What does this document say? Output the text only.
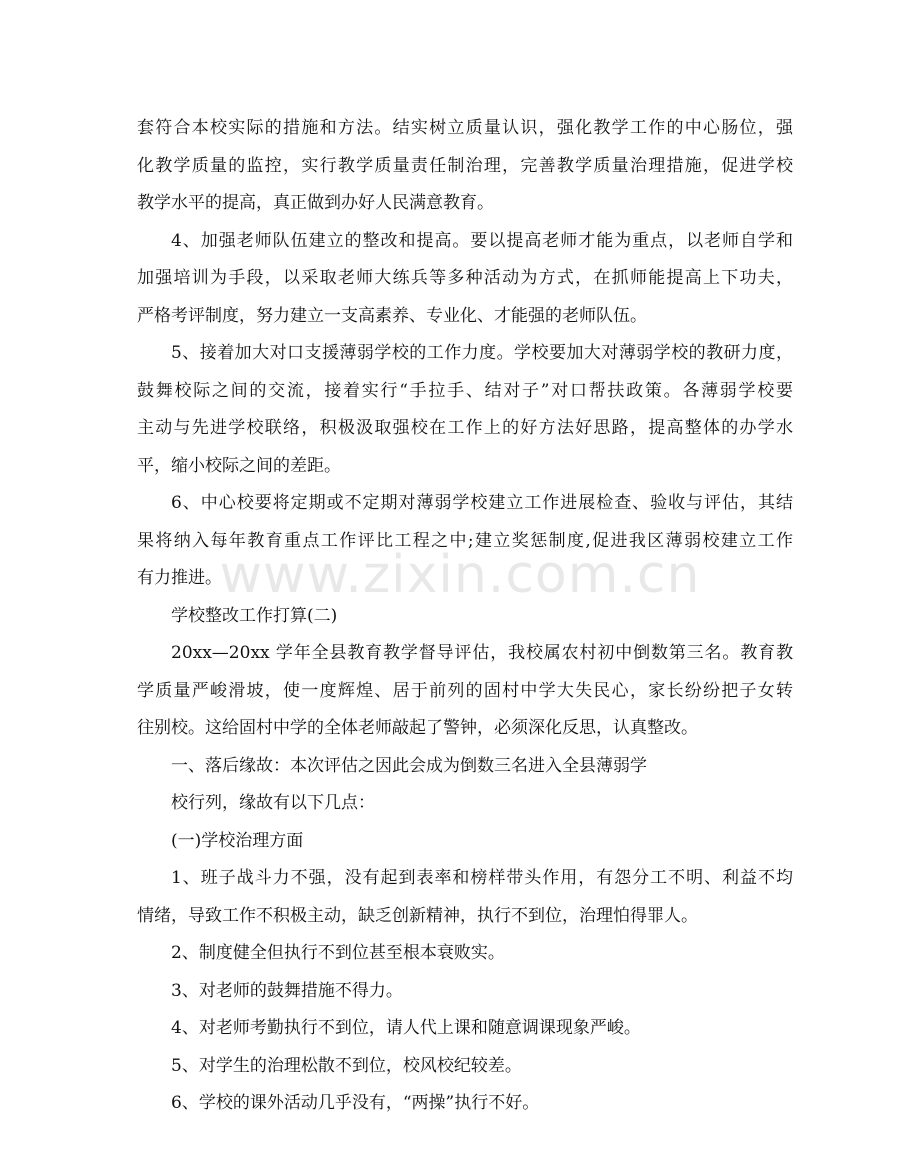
套符合本校实际的措施和方法。结实树立质量认识，强化教学工作的中心肠位，强
化教学质量的监控，实行教学质量责任制治理，完善教学质量治理措施，促进学校
教学水平的提高，真正做到办好人民满意教育。
4、加强老师队伍建立的整改和提高。要以提高老师才能为重点，以老师自学和
加强培训为手段，以采取老师大练兵等多种活动为方式，在抓师能提高上下功夫，
严格考评制度，努力建立一支高素养、专业化、才能强的老师队伍。
5、接着加大对口支援薄弱学校的工作力度。学校要加大对薄弱学校的教研力度，
鼓舞校际之间的交流，接着实行“手拉手、结对子”对口帮扶政策。各薄弱学校要
主动与先进学校联络，积极汲取强校在工作上的好方法好思路，提高整体的办学水
平，缩小校际之间的差距。
6、中心校要将定期或不定期对薄弱学校建立工作进展检查、验收与评估，其结
果将纳入每年教育重点工作评比工程之中;建立奖惩制度,促进我区薄弱校建立工作
有力推进。
学校整改工作打算(二)
20xx—20xx 学年全县教育教学督导评估，我校属农村初中倒数第三名。教育教
学质量严峻滑坡，使一度辉煌、居于前列的固村中学大失民心，家长纷纷把子女转
往别校。这给固村中学的全体老师敲起了警钟，必须深化反思，认真整改。
一、落后缘故：本次评估之因此会成为倒数三名进入全县薄弱学
校行列，缘故有以下几点：
(一)学校治理方面
1、班子战斗力不强，没有起到表率和榜样带头作用，有怨分工不明、利益不均
情绪，导致工作不积极主动，缺乏创新精神，执行不到位，治理怕得罪人。
2、制度健全但执行不到位甚至根本衰败实。
3、对老师的鼓舞措施不得力。
4、对老师考勤执行不到位，请人代上课和随意调课现象严峻。
5、对学生的治理松散不到位，校风校纪较差。
6、学校的课外活动几乎没有，“两操”执行不好。
www.zixin.com.cn
